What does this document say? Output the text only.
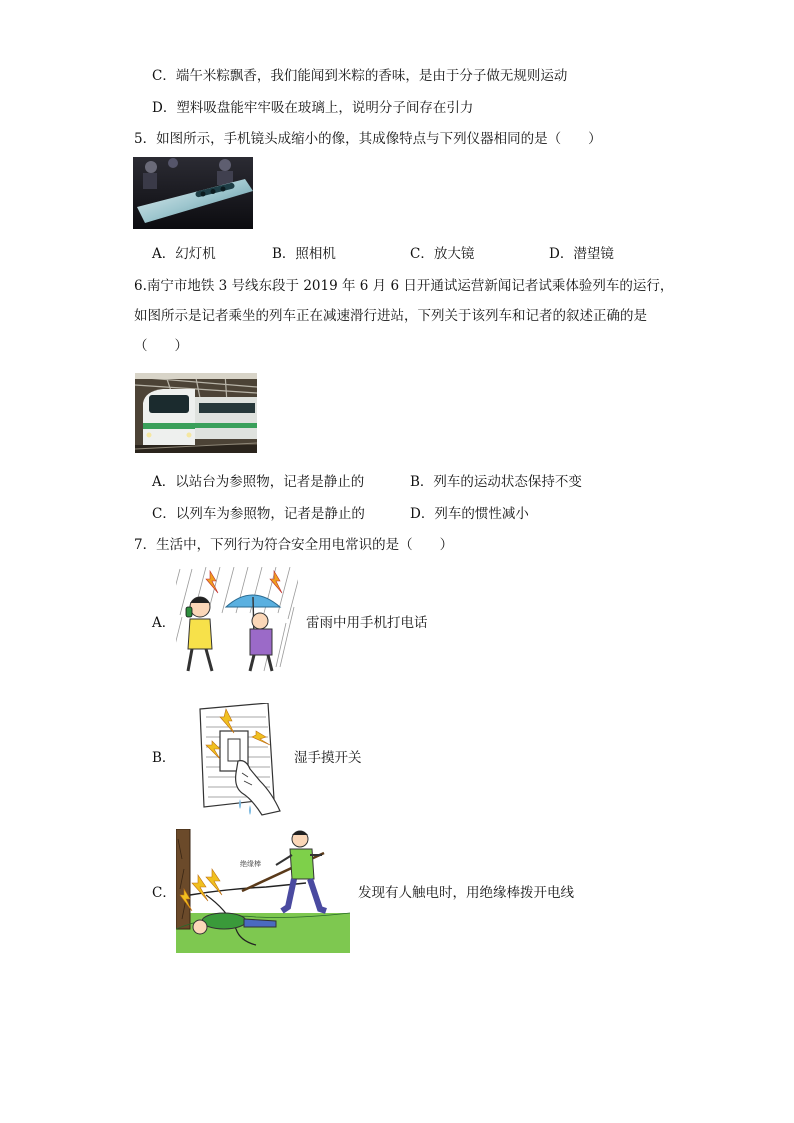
C．端午米粽飘香，我们能闻到米粽的香味，是由于分子做无规则运动
D．塑料吸盘能牢牢吸在玻璃上，说明分子间存在引力
5．如图所示，手机镜头成缩小的像，其成像特点与下列仪器相同的是（　　）
A．幻灯机	B．照相机	C．放大镜	D．潜望镜
6.南宁市地铁 3 号线东段于 2019 年 6 月 6 日开通试运营新闻记者试乘体验列车的运行，
如图所示是记者乘坐的列车正在减速滑行进站，下列关于该列车和记者的叙述正确的是
（　　）
A．以站台为参照物，记者是静止的	B．列车的运动状态保持不变
C．以列车为参照物，记者是静止的	D．列车的惯性减小
7．生活中，下列行为符合安全用电常识的是（　　）
A．	雷雨中用手机打电话
B．	湿手摸开关
C．
绝缘棒
发现有人触电时，用绝缘棒拨开电线
